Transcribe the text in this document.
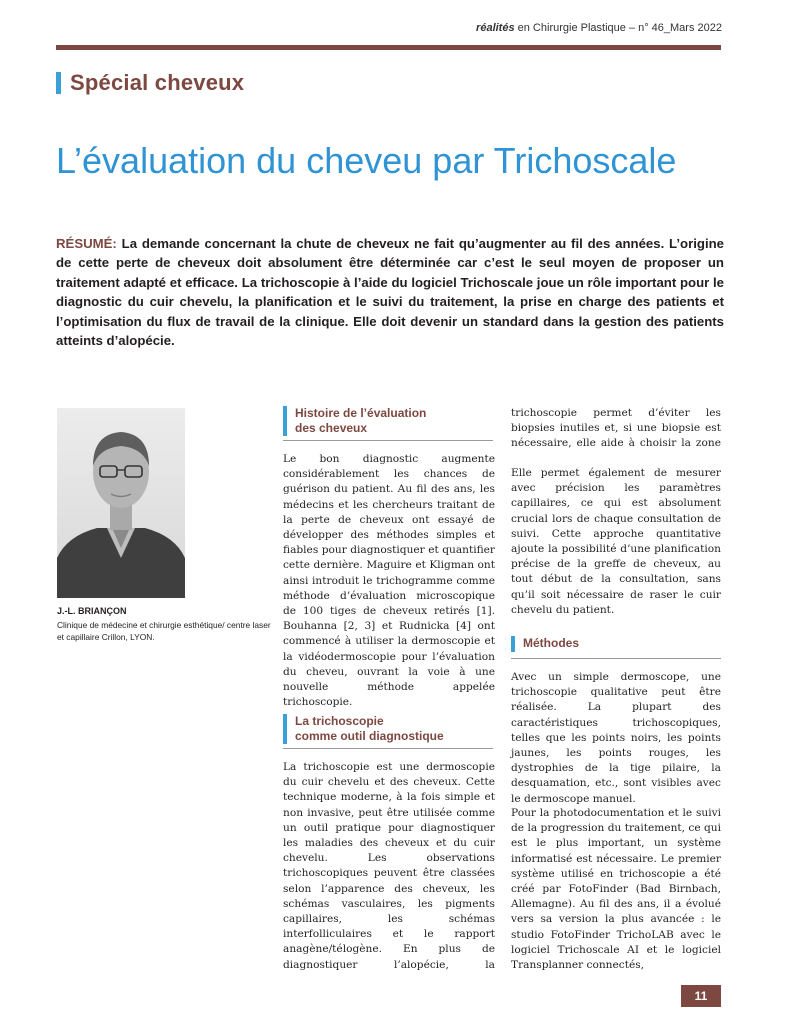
réalités en Chirurgie Plastique – n° 46_Mars 2022
Spécial cheveux
L’évaluation du cheveu par Trichoscale
RÉSUMÉ: La demande concernant la chute de cheveux ne fait qu’augmenter au fil des années. L’origine de cette perte de cheveux doit absolument être déterminée car c’est le seul moyen de proposer un traitement adapté et efficace. La trichoscopie à l’aide du logiciel Trichoscale joue un rôle important pour le diagnostic du cuir chevelu, la planification et le suivi du traitement, la prise en charge des patients et l’optimisation du flux de travail de la clinique. Elle doit devenir un standard dans la gestion des patients atteints d’alopécie.
J.-L. BRIANÇON
Clinique de médecine et chirurgie esthétique/ centre laser et capillaire Crillon, LYON.
Histoire de l’évaluation
des cheveux

Le bon diagnostic augmente considérablement les chances de guérison du patient. Au fil des ans, les médecins et les chercheurs traitant de la perte de cheveux ont essayé de développer des méthodes simples et fiables pour diagnostiquer et quantifier cette dernière. Maguire et Kligman ont ainsi introduit le trichogramme comme méthode d’évaluation microscopique de 100 tiges de cheveux retirés [1]. Bouhanna [2, 3] et Rudnicka [4] ont commencé à utiliser la dermoscopie et la vidéodermoscopie pour l’évaluation du cheveu, ouvrant la voie à une nouvelle méthode appelée trichoscopie.

La trichoscopie
comme outil diagnostique

La trichoscopie est une dermoscopie du cuir chevelu et des cheveux. Cette technique moderne, à la fois simple et non invasive, peut être utilisée comme un outil pratique pour diagnostiquer les maladies des cheveux et du cuir chevelu. Les observations trichoscopiques peuvent être classées selon l’apparence des cheveux, les schémas vasculaires, les pigments capillaires, les schémas interfolliculaires et le rapport anagène/télogène. En plus de diagnostiquer l’alopécie, la

trichoscopie permet d’éviter les biopsies inutiles et, si une biopsie est nécessaire, elle aide à choisir la zone

Elle permet également de mesurer avec précision les paramètres capillaires, ce qui est absolument crucial lors de chaque consultation de suivi. Cette approche quantitative ajoute la possibilité d’une planification précise de la greffe de cheveux, au tout début de la consultation, sans qu’il soit nécessaire de raser le cuir chevelu du patient.

Méthodes

Avec un simple dermoscope, une trichoscopie qualitative peut être réalisée. La plupart des caractéristiques trichoscopiques, telles que les points noirs, les points jaunes, les points rouges, les dystrophies de la tige pilaire, la desquamation, etc., sont visibles avec le dermoscope manuel.

Pour la photodocumentation et le suivi de la progression du traitement, ce qui est le plus important, un système informatisé est nécessaire. Le premier système utilisé en trichoscopie a été créé par FotoFinder (Bad Birnbach, Allemagne). Au fil des ans, il a évolué vers sa version la plus avancée : le studio FotoFinder TrichoLAB avec le logiciel Trichoscale AI et le logiciel Transplanner connectés,

11
